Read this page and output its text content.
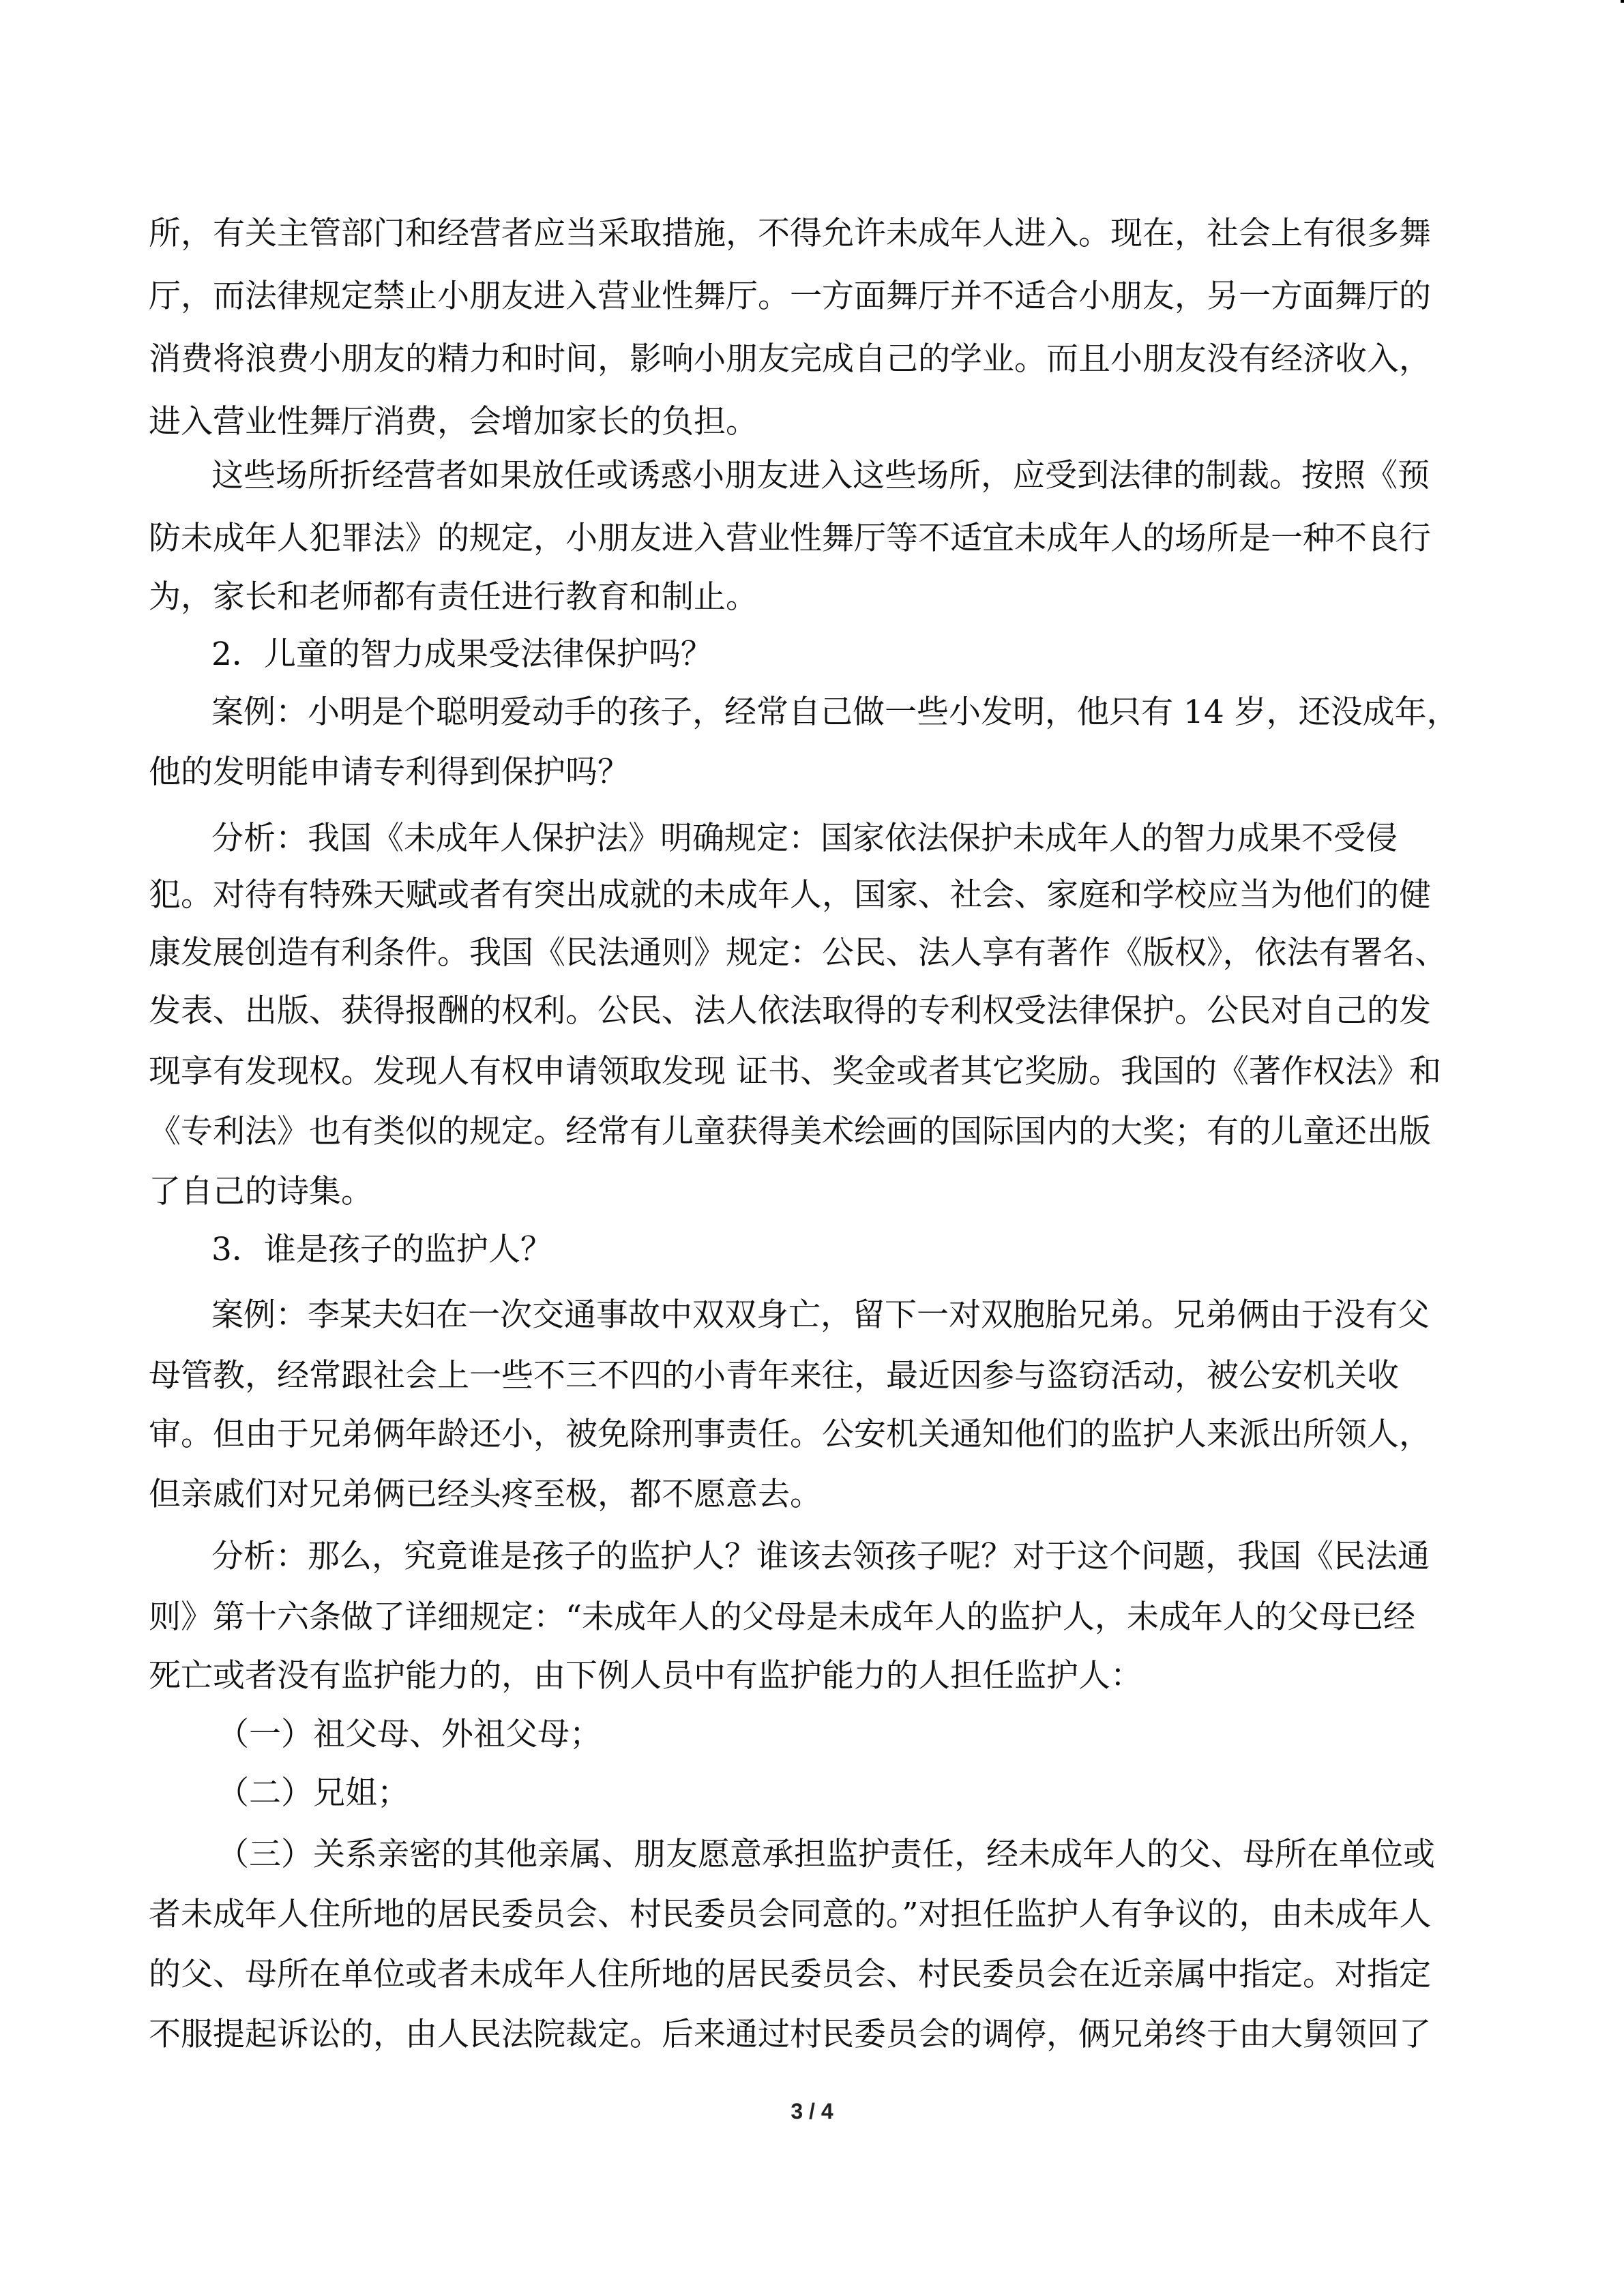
所，有关主管部门和经营者应当采取措施，不得允许未成年人进入。现在，社会上有很多舞
厅，而法律规定禁止小朋友进入营业性舞厅。一方面舞厅并不适合小朋友，另一方面舞厅的
消费将浪费小朋友的精力和时间，影响小朋友完成自己的学业。而且小朋友没有经济收入，
进入营业性舞厅消费，会增加家长的负担。
这些场所折经营者如果放任或诱惑小朋友进入这些场所，应受到法律的制裁。按照《预
防未成年人犯罪法》的规定，小朋友进入营业性舞厅等不适宜未成年人的场所是一种不良行
为，家长和老师都有责任进行教育和制止。
2．儿童的智力成果受法律保护吗？
案例：小明是个聪明爱动手的孩子，经常自己做一些小发明，他只有 14 岁，还没成年，
他的发明能申请专利得到保护吗？
分析：我国《未成年人保护法》明确规定：国家依法保护未成年人的智力成果不受侵
犯。对待有特殊天赋或者有突出成就的未成年人，国家、社会、家庭和学校应当为他们的健
康发展创造有利条件。我国《民法通则》规定：公民、法人享有著作《版权》，依法有署名、
发表、出版、获得报酬的权利。公民、法人依法取得的专利权受法律保护。公民对自己的发
现享有发现权。发现人有权申请领取发现 证书、奖金或者其它奖励。我国的《著作权法》和
《专利法》也有类似的规定。经常有儿童获得美术绘画的国际国内的大奖；有的儿童还出版
了自己的诗集。
3．谁是孩子的监护人？
案例：李某夫妇在一次交通事故中双双身亡，留下一对双胞胎兄弟。兄弟俩由于没有父
母管教，经常跟社会上一些不三不四的小青年来往，最近因参与盗窃活动，被公安机关收
审。但由于兄弟俩年龄还小，被免除刑事责任。公安机关通知他们的监护人来派出所领人，
但亲戚们对兄弟俩已经头疼至极，都不愿意去。
分析：那么，究竟谁是孩子的监护人？谁该去领孩子呢？对于这个问题，我国《民法通
则》第十六条做了详细规定：“未成年人的父母是未成年人的监护人，未成年人的父母已经
死亡或者没有监护能力的，由下例人员中有监护能力的人担任监护人：
（一）祖父母、外祖父母；
（二）兄姐；
（三）关系亲密的其他亲属、朋友愿意承担监护责任，经未成年人的父、母所在单位或
者未成年人住所地的居民委员会、村民委员会同意的。”对担任监护人有争议的，由未成年人
的父、母所在单位或者未成年人住所地的居民委员会、村民委员会在近亲属中指定。对指定
不服提起诉讼的，由人民法院裁定。后来通过村民委员会的调停，俩兄弟终于由大舅领回了
3 / 4
